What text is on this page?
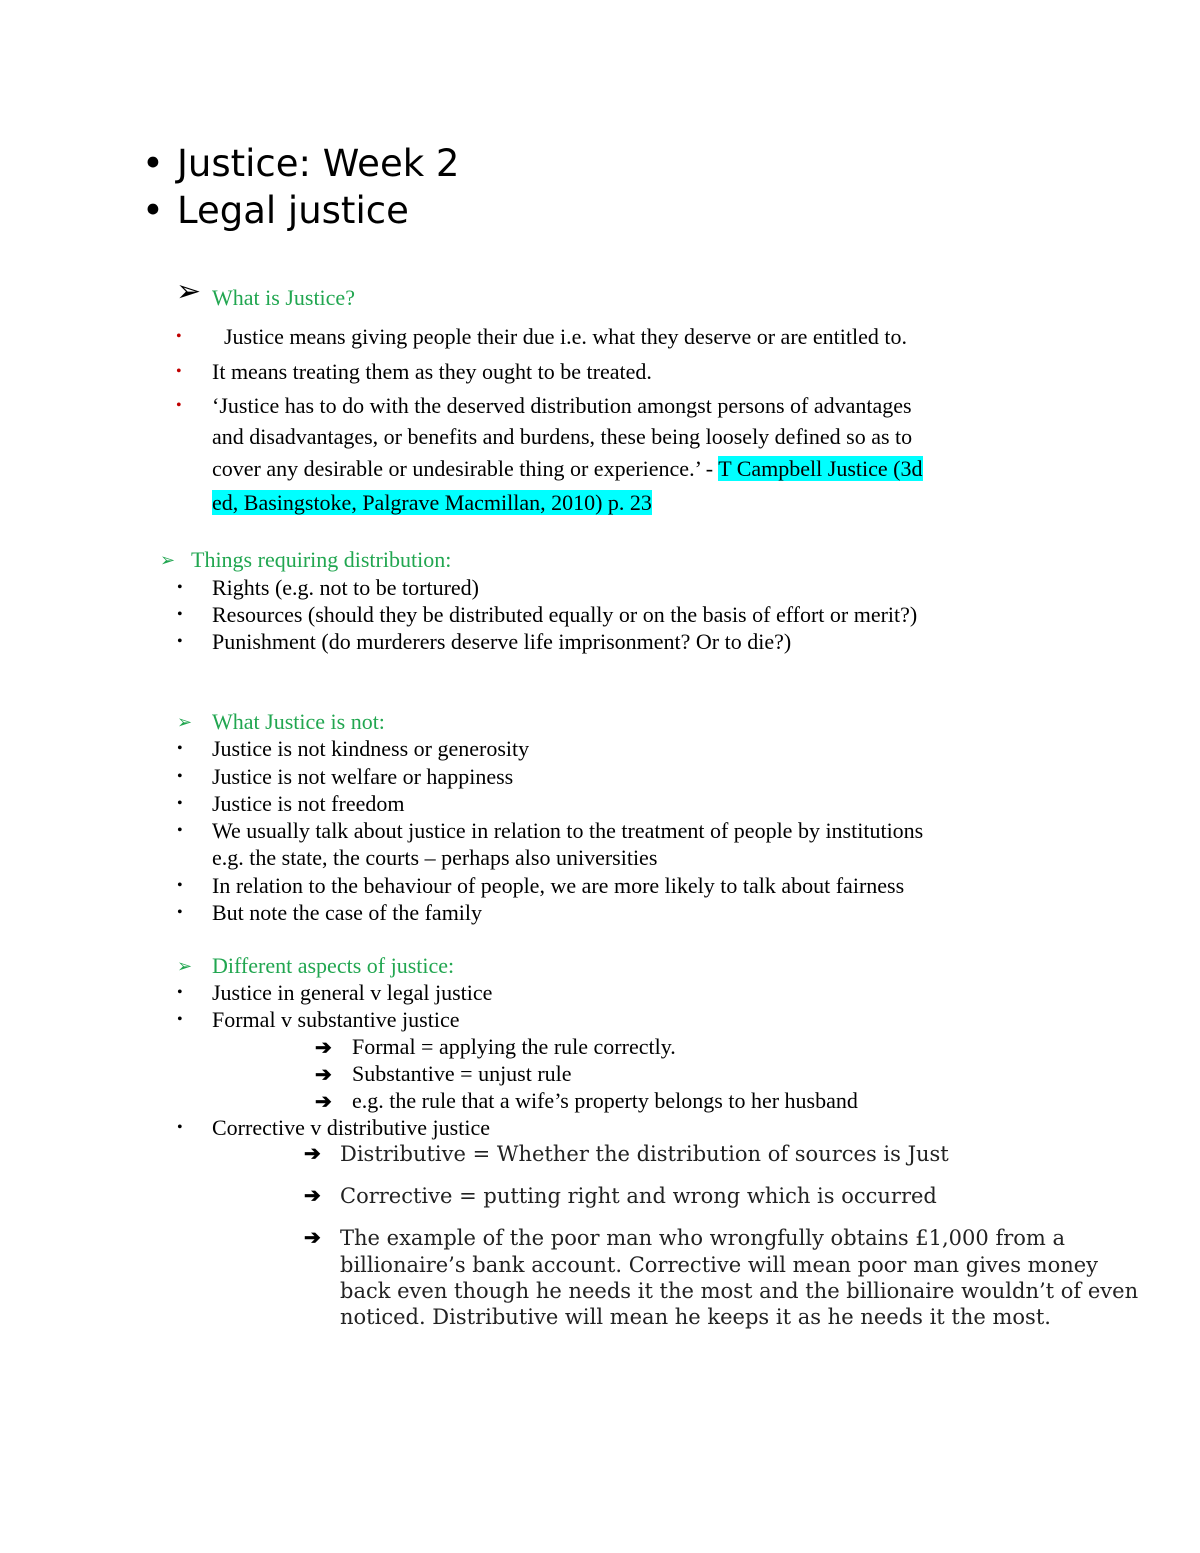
• Justice: Week 2
• Legal justice
➢ What is Justice?
• Justice means giving people their due i.e. what they deserve or are entitled to.
• It means treating them as they ought to be treated.
• ‘Justice has to do with the deserved distribution amongst persons of advantages
and disadvantages, or benefits and burdens, these being loosely defined so as to
cover any desirable or undesirable thing or experience.’ - T Campbell Justice (3d
ed, Basingstoke, Palgrave Macmillan, 2010) p. 23
➢ Things requiring distribution:
• Rights (e.g. not to be tortured)
• Resources (should they be distributed equally or on the basis of effort or merit?)
• Punishment (do murderers deserve life imprisonment? Or to die?)
➢ What Justice is not:
• Justice is not kindness or generosity
• Justice is not welfare or happiness
• Justice is not freedom
• We usually talk about justice in relation to the treatment of people by institutions
e.g. the state, the courts – perhaps also universities
• In relation to the behaviour of people, we are more likely to talk about fairness
• But note the case of the family
➢ Different aspects of justice:
• Justice in general v legal justice
• Formal v substantive justice
➔ Formal = applying the rule correctly.
➔ Substantive = unjust rule
➔ e.g. the rule that a wife’s property belongs to her husband
• Corrective v distributive justice
➔ Distributive = Whether the distribution of sources is Just
➔ Corrective = putting right and wrong which is occurred
➔ The example of the poor man who wrongfully obtains £1,000 from a
billionaire’s bank account. Corrective will mean poor man gives money
back even though he needs it the most and the billionaire wouldn’t of even
noticed. Distributive will mean he keeps it as he needs it the most.
